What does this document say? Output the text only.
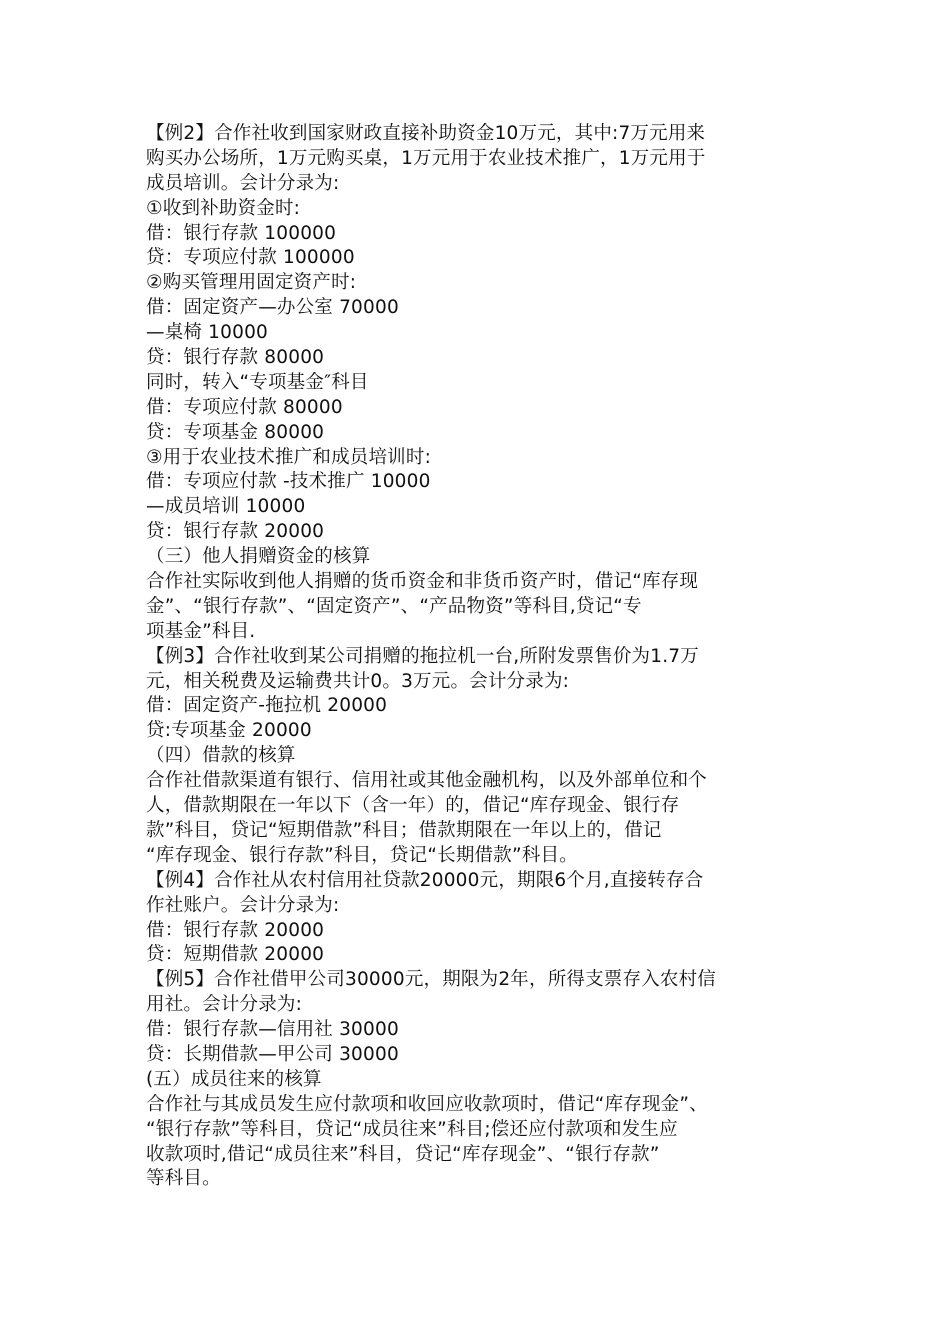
【例2】合作社收到国家财政直接补助资金10万元，其中:7万元用来
购买办公场所，1万元购买桌，1万元用于农业技术推广，1万元用于
成员培训。会计分录为:
①收到补助资金时:
借：银行存款 100000
贷：专项应付款 100000
②购买管理用固定资产时:
借：固定资产—办公室 70000
—桌椅 10000
贷：银行存款 80000
同时，转入“专项基金″科目
借：专项应付款 80000
贷：专项基金 80000
③用于农业技术推广和成员培训时:
借：专项应付款 -技术推广 10000
—成员培训 10000
贷：银行存款 20000
（三）他人捐赠资金的核算
合作社实际收到他人捐赠的货币资金和非货币资产时，借记“库存现
金”、“银行存款”、“固定资产”、“产品物资”等科目,贷记“专
项基金”科目.
【例3】合作社收到某公司捐赠的拖拉机一台,所附发票售价为1.7万
元，相关税费及运输费共计0。3万元。会计分录为:
借：固定资产-拖拉机 20000
贷:专项基金 20000
（四）借款的核算
合作社借款渠道有银行、信用社或其他金融机构，以及外部单位和个
人，借款期限在一年以下（含一年）的，借记“库存现金、银行存
款”科目，贷记“短期借款”科目；借款期限在一年以上的，借记
“库存现金、银行存款”科目，贷记“长期借款”科目。
【例4】合作社从农村信用社贷款20000元，期限6个月,直接转存合
作社账户。会计分录为:
借：银行存款 20000
贷：短期借款 20000
【例5】合作社借甲公司30000元，期限为2年，所得支票存入农村信
用社。会计分录为:
借：银行存款—信用社 30000
贷：长期借款—甲公司 30000
(五）成员往来的核算
合作社与其成员发生应付款项和收回应收款项时，借记“库存现金”、
“银行存款”等科目，贷记“成员往来”科目;偿还应付款项和发生应
收款项时,借记“成员往来”科目，贷记“库存现金”、“银行存款”
等科目。
